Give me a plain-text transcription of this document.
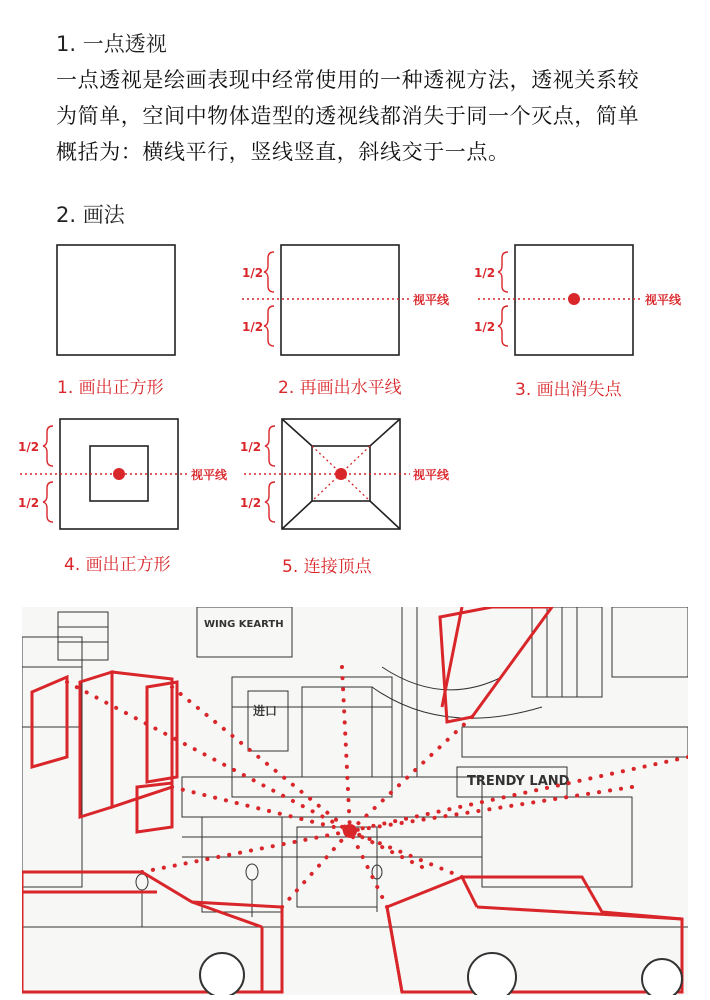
1. 一点透视
一点透视是绘画表现中经常使用的一种透视方法，透视关系较
为简单，空间中物体造型的透视线都消失于同一个灭点，简单
概括为：横线平行，竖线竖直，斜线交于一点。
2. 画法
1/2
1/2
视平线
1/2
1/2
视平线
1/2
1/2
视平线
1/2
1/2
视平线
1. 画出正方形	2. 再画出水平线	3. 画出消失点
4. 画出正方形	5. 连接顶点
WING KEARTH
TRENDY LAND
进口
